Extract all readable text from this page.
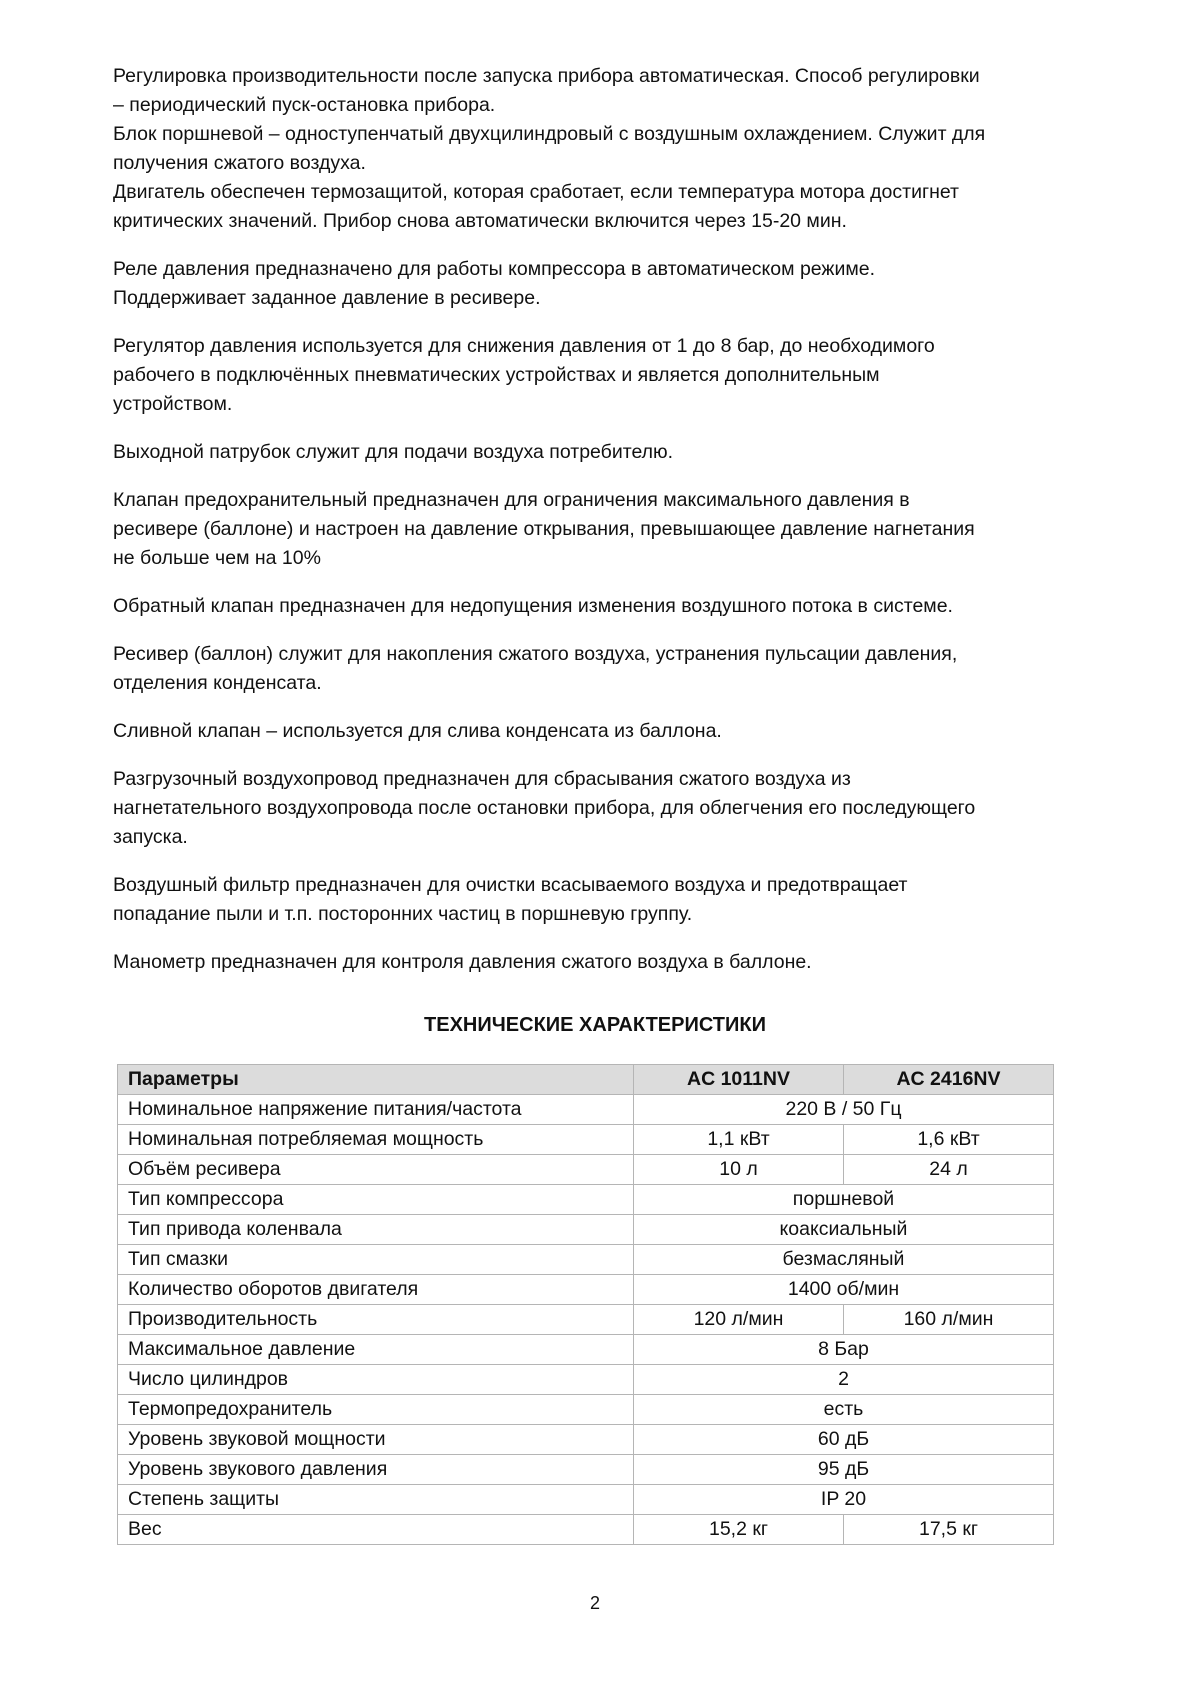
Регулировка производительности после запуска прибора автоматическая. Способ регулировки
– периодический пуск-остановка прибора.
Блок поршневой – одноступенчатый двухцилиндровый с воздушным охлаждением. Служит для
получения сжатого воздуха.
Двигатель обеспечен термозащитой, которая сработает, если температура мотора достигнет
критических значений. Прибор снова автоматически включится через 15-20 мин.

Реле давления предназначено для работы компрессора в автоматическом режиме.
Поддерживает заданное давление в ресивере.

Регулятор давления используется для снижения давления от 1 до 8 бар, до необходимого
рабочего в подключённых пневматических устройствах и является дополнительным
устройством.

Выходной патрубок служит для подачи воздуха потребителю.

Клапан предохранительный предназначен для ограничения максимального давления в
ресивере (баллоне) и настроен на давление открывания, превышающее давление нагнетания
не больше чем на 10%

Обратный клапан предназначен для недопущения изменения воздушного потока в системе.

Ресивер (баллон) служит для накопления сжатого воздуха, устранения пульсации давления,
отделения конденсата.

Сливной клапан – используется для слива конденсата из баллона.

Разгрузочный воздухопровод предназначен для сбрасывания сжатого воздуха из
нагнетательного воздухопровода после остановки прибора, для облегчения его последующего
запуска.

Воздушный фильтр предназначен для очистки всасываемого воздуха и предотвращает
попадание пыли и т.п. посторонних частиц в поршневую группу.

Манометр предназначен для контроля давления сжатого воздуха в баллоне.

ТЕХНИЧЕСКИЕ ХАРАКТЕРИСТИКИ
Параметры	AC 1011NV	AC 2416NV
Номинальное напряжение питания/частота	220 В / 50 Гц	
Номинальная потребляемая мощность	1,1 кВт	1,6 кВт
Объём ресивера	10 л	24 л
Тип компрессора	поршневой	
Тип привода коленвала	коаксиальный	
Тип смазки	безмасляный	
Количество оборотов двигателя	1400 об/мин	
Производительность	120 л/мин	160 л/мин
Максимальное давление	8 Бар	
Число цилиндров	2	
Термопредохранитель	есть	
Уровень звуковой мощности	60 дБ	
Уровень звукового давления	95 дБ	
Степень защиты	IP 20	
Вес	15,2 кг	17,5 кг
2
